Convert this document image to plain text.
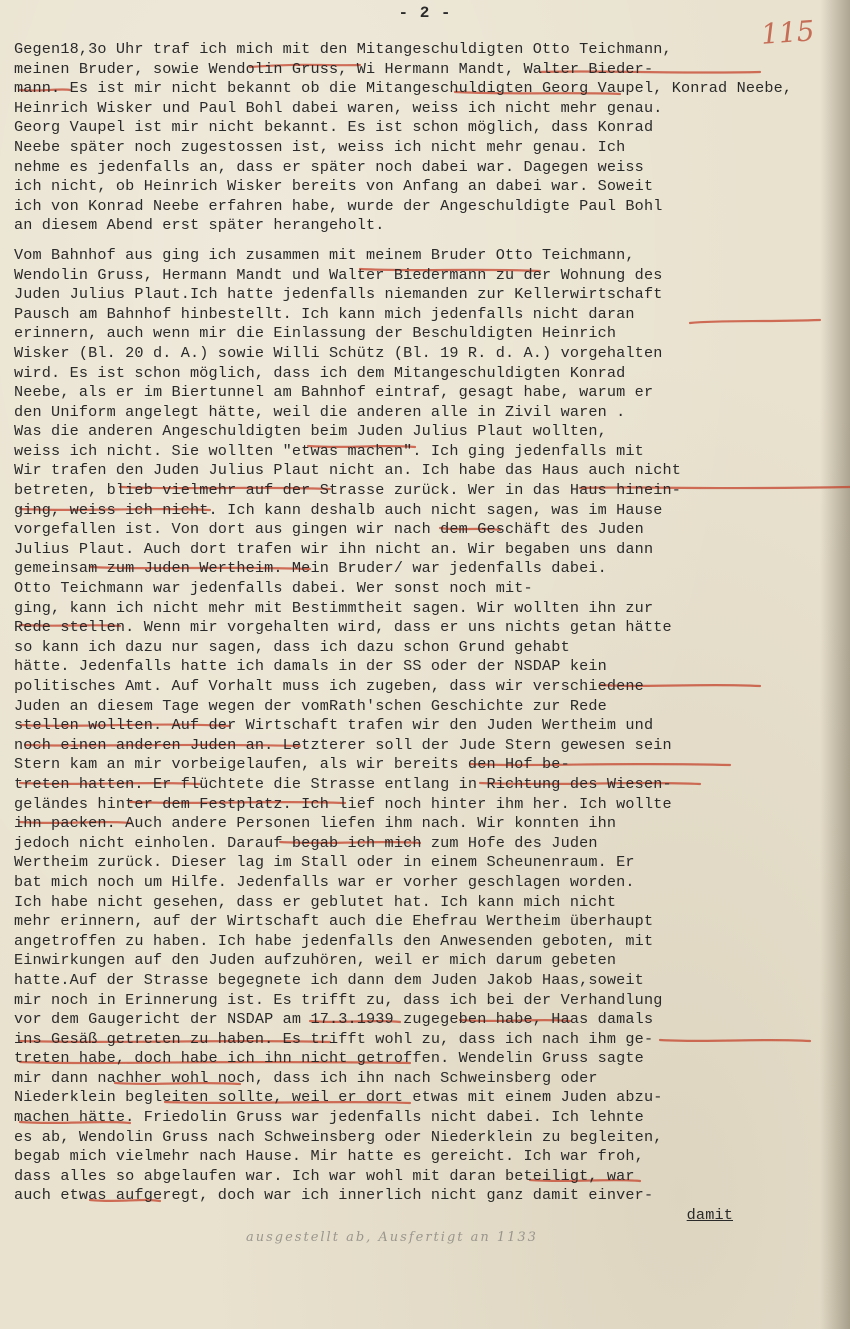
- 2 -
115

Gegen18,3o Uhr traf ich mich mit den Mitangeschuldigten Otto Teichmann,
meinen Bruder, sowie Wendolin Gruss, Wi Hermann Mandt, Walter Bieder-
mann. Es ist mir nicht bekannt ob die Mitangeschuldigten Georg Vaupel, Konrad Neebe,
Heinrich Wisker und Paul Bohl dabei waren, weiss ich nicht mehr genau.
Georg Vaupel ist mir nicht bekannt. Es ist schon möglich, dass Konrad
Neebe später noch zugestossen ist, weiss ich nicht mehr genau. Ich
nehme es jedenfalls an, dass er später noch dabei war. Dagegen weiss
ich nicht, ob Heinrich Wisker bereits von Anfang an dabei war. Soweit
ich von Konrad Neebe erfahren habe, wurde der Angeschuldigte Paul Bohl
an diesem Abend erst später herangeholt.

Vom Bahnhof aus ging ich zusammen mit meinem Bruder Otto Teichmann,
Wendolin Gruss, Hermann Mandt und Walter Biedermann zu der Wohnung des
Juden Julius Plaut.Ich hatte jedenfalls niemanden zur Kellerwirtschaft
Pausch am Bahnhof hinbestellt. Ich kann mich jedenfalls nicht daran
erinnern, auch wenn mir die Einlassung der Beschuldigten Heinrich
Wisker (Bl. 20 d. A.) sowie Willi Schütz (Bl. 19 R. d. A.) vorgehalten
wird. Es ist schon möglich, dass ich dem Mitangeschuldigten Konrad
Neebe, als er im Biertunnel am Bahnhof eintraf, gesagt habe, warum er
den Uniform angelegt hätte, weil die anderen alle in Zivil waren .
Was die anderen Angeschuldigten beim Juden Julius Plaut wollten,
weiss ich nicht. Sie wollten "etwas machen". Ich ging jedenfalls mit
Wir trafen den Juden Julius Plaut nicht an. Ich habe das Haus auch nicht
betreten, blieb vielmehr auf der Strasse zurück. Wer in das Haus hinein-
ging, weiss ich nicht. Ich kann deshalb auch nicht sagen, was im Hause
vorgefallen ist. Von dort aus gingen wir nach dem Geschäft des Juden
Julius Plaut. Auch dort trafen wir ihn nicht an. Wir begaben uns dann
gemeinsam zum Juden Wertheim. Mein Bruder/ war jedenfalls dabei.
Otto Teichmann war jedenfalls dabei. Wer sonst noch mit-
ging, kann ich nicht mehr mit Bestimmtheit sagen. Wir wollten ihn zur
Rede stellen. Wenn mir vorgehalten wird, dass er uns nichts getan hätte
so kann ich dazu nur sagen, dass ich dazu schon Grund gehabt
hätte. Jedenfalls hatte ich damals in der SS oder der NSDAP kein
politisches Amt. Auf Vorhalt muss ich zugeben, dass wir verschiedene
Juden an diesem Tage wegen der vomRath'schen Geschichte zur Rede
stellen wollten. Auf der Wirtschaft trafen wir den Juden Wertheim und
noch einen anderen Juden an. Letzterer soll der Jude Stern gewesen sein
Stern kam an mir vorbeigelaufen, als wir bereits den Hof be-
treten hatten. Er flüchtete die Strasse entlang in Richtung des Wiesen-
geländes hinter dem Festplatz. Ich lief noch hinter ihm her. Ich wollte
ihn packen. Auch andere Personen liefen ihm nach. Wir konnten ihn
jedoch nicht einholen. Darauf begab ich mich zum Hofe des Juden
Wertheim zurück. Dieser lag im Stall oder in einem Scheunenraum. Er
bat mich noch um Hilfe. Jedenfalls war er vorher geschlagen worden.
Ich habe nicht gesehen, dass er geblutet hat. Ich kann mich nicht
mehr erinnern, auf der Wirtschaft auch die Ehefrau Wertheim überhaupt
angetroffen zu haben. Ich habe jedenfalls den Anwesenden geboten, mit
Einwirkungen auf den Juden aufzuhören, weil er mich darum gebeten
hatte.Auf der Strasse begegnete ich dann dem Juden Jakob Haas,soweit
mir noch in Erinnerung ist. Es trifft zu, dass ich bei der Verhandlung
vor dem Gaugericht der NSDAP am 17.3.1939 zugegeben habe, Haas damals
ins Gesäß getreten zu haben. Es trifft wohl zu, dass ich nach ihm ge-
treten habe, doch habe ich ihn nicht getroffen. Wendelin Gruss sagte
mir dann nachher wohl noch, dass ich ihn nach Schweinsberg oder
Niederklein begleiten sollte, weil er dort etwas mit einem Juden abzu-
machen hätte. Friedolin Gruss war jedenfalls nicht dabei. Ich lehnte
es ab, Wendolin Gruss nach Schweinsberg oder Niederklein zu begleiten,
begab mich vielmehr nach Hause. Mir hatte es gereicht. Ich war froh,
dass alles so abgelaufen war. Ich war wohl mit daran beteiligt, war
auch etwas aufgeregt, doch war ich innerlich nicht ganz damit einver-

damit
ausgestellt ab, Ausfertigt an 1133
